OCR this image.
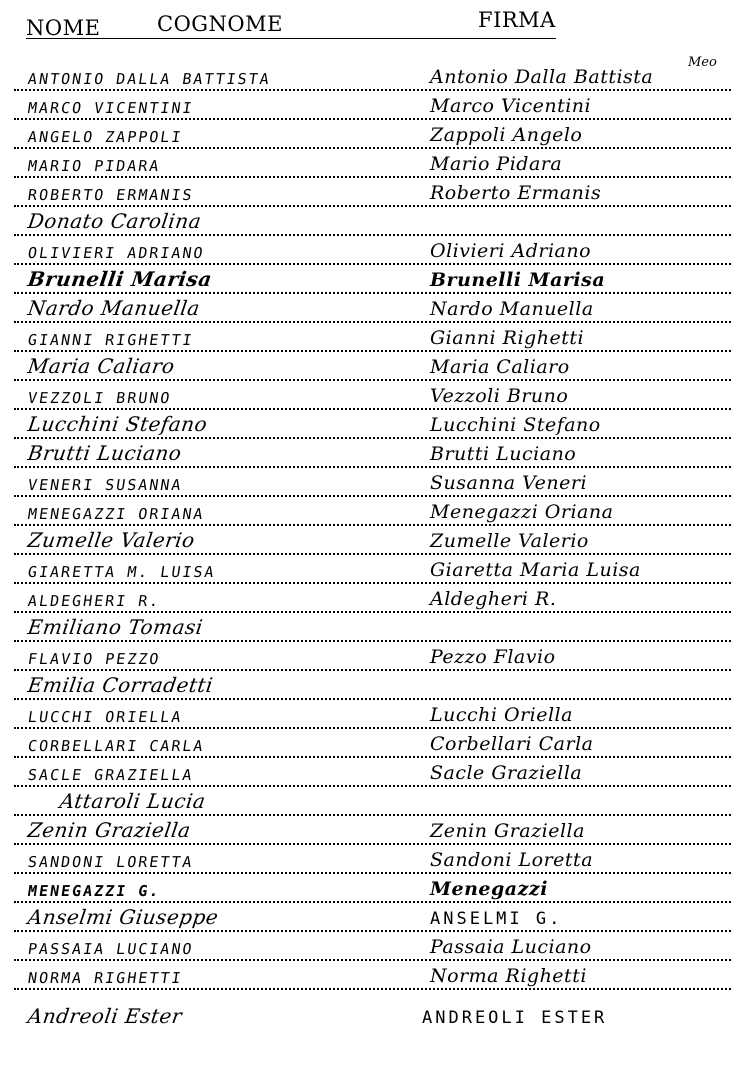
NOME	COGNOME	FIRMA
Meo
ANTONIO DALLA BATTISTA	Antonio Dalla Battista
MARCO VICENTINI	Marco Vicentini
ANGELO ZAPPOLI	Zappoli Angelo
MARIO PIDARA	Mario Pidara
ROBERTO ERMANIS	Roberto Ermanis
Donato Carolina
OLIVIERI ADRIANO	Olivieri Adriano
Brunelli Marisa	Brunelli Marisa
Nardo Manuella	Nardo Manuella
GIANNI RIGHETTI	Gianni Righetti
Maria Caliaro	Maria Caliaro
VEZZOLI BRUNO	Vezzoli Bruno
Lucchini Stefano	Lucchini Stefano
Brutti Luciano	Brutti Luciano
VENERI SUSANNA	Susanna Veneri
MENEGAZZI ORIANA	Menegazzi Oriana
Zumelle Valerio	Zumelle Valerio
GIARETTA M. LUISA	Giaretta Maria Luisa
ALDEGHERI R.	Aldegheri R.
Emiliano Tomasi
FLAVIO PEZZO	Pezzo Flavio
Emilia Corradetti
LUCCHI ORIELLA	Lucchi Oriella
CORBELLARI CARLA	Corbellari Carla
SACLE GRAZIELLA	Sacle Graziella
Attaroli Lucia
Zenin Graziella	Zenin Graziella
SANDONI LORETTA	Sandoni Loretta
MENEGAZZI G.	Menegazzi
Anselmi Giuseppe	ANSELMI G.
PASSAIA LUCIANO	Passaia Luciano
NORMA RIGHETTI	Norma Righetti
Andreoli Ester	ANDREOLI ESTER
